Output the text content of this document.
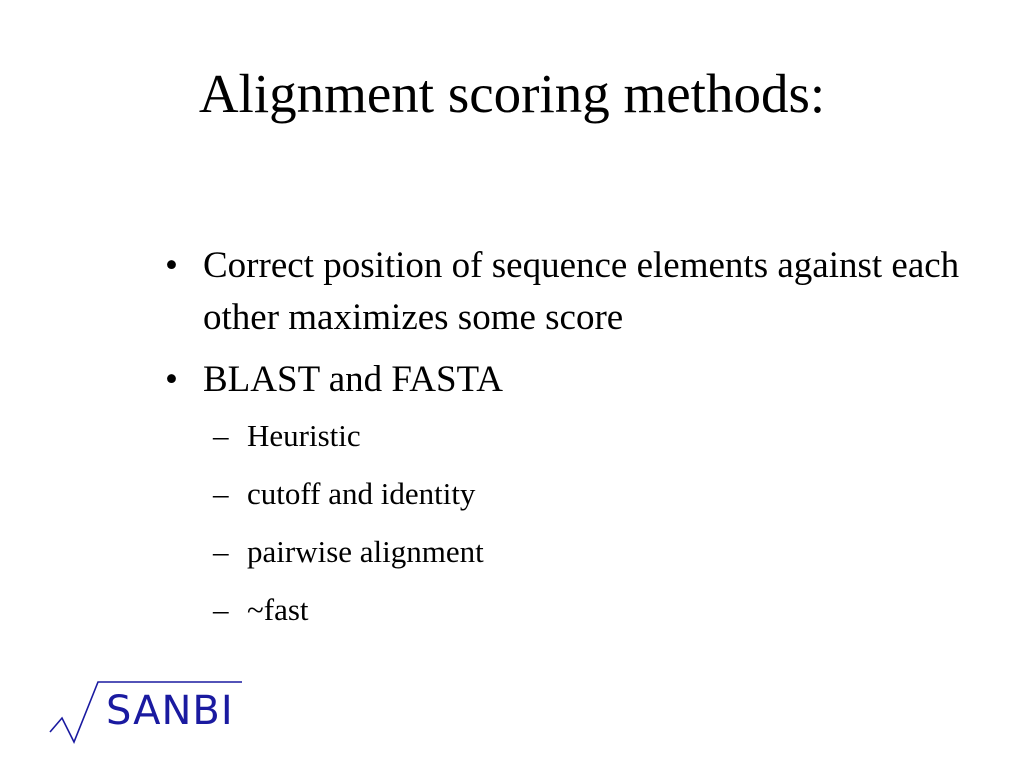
Alignment scoring methods:
• Correct position of sequence elements against each other maximizes some score
• BLAST and FASTA
– Heuristic
– cutoff and identity
– pairwise alignment
– ~fast
SANBI
